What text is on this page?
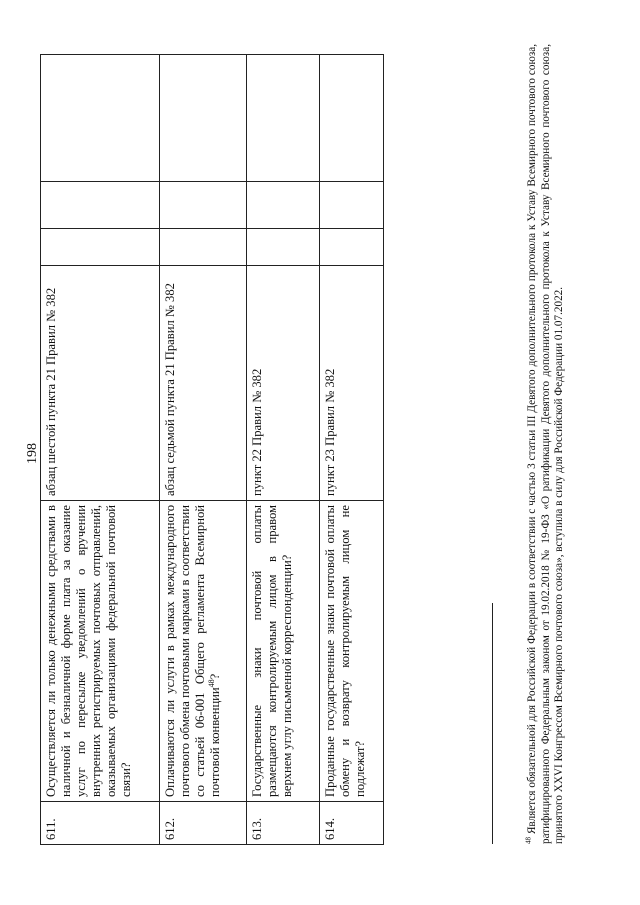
198
611.	Осуществляется ли только денежными средствами в наличной и безналичной форме плата за оказание услуг по пересылке уведомлений о вручении внутренних регистрируемых почтовых отправлений, оказываемых организациями федеральной почтовой связи?	абзац шестой пункта 21 Правил № 382			
612.	Оплачиваются ли услуги в рамках международного почтового обмена почтовыми марками в соответствии со статьей 06-001 Общего регламента Всемирной почтовой конвенции$^{48}$?	абзац седьмой пункта 21 Правил № 382			
613.	Государственные знаки почтовой оплаты размещаются контролируемым лицом в правом верхнем углу письменной корреспонденции?	пункт 22 Правил № 382			
614.	Проданные государственные знаки почтовой оплаты обмену и возврату контролируемым лицом не подлежат?	пункт 23 Правил № 382			
$^{48}$ Является обязательной для Российской Федерации в соответствии с частью 3 статьи III Девятого дополнительного протокола к Уставу Всемирного почтового союза, ратифицированного Федеральным законом от 19.02.2018 № 19-ФЗ «О ратификации Девятого дополнительного протокола к Уставу Всемирного почтового союза, принятого XXVI Конгрессом Всемирного почтового союза», вступила в силу для Российской Федерации 01.07.2022.
